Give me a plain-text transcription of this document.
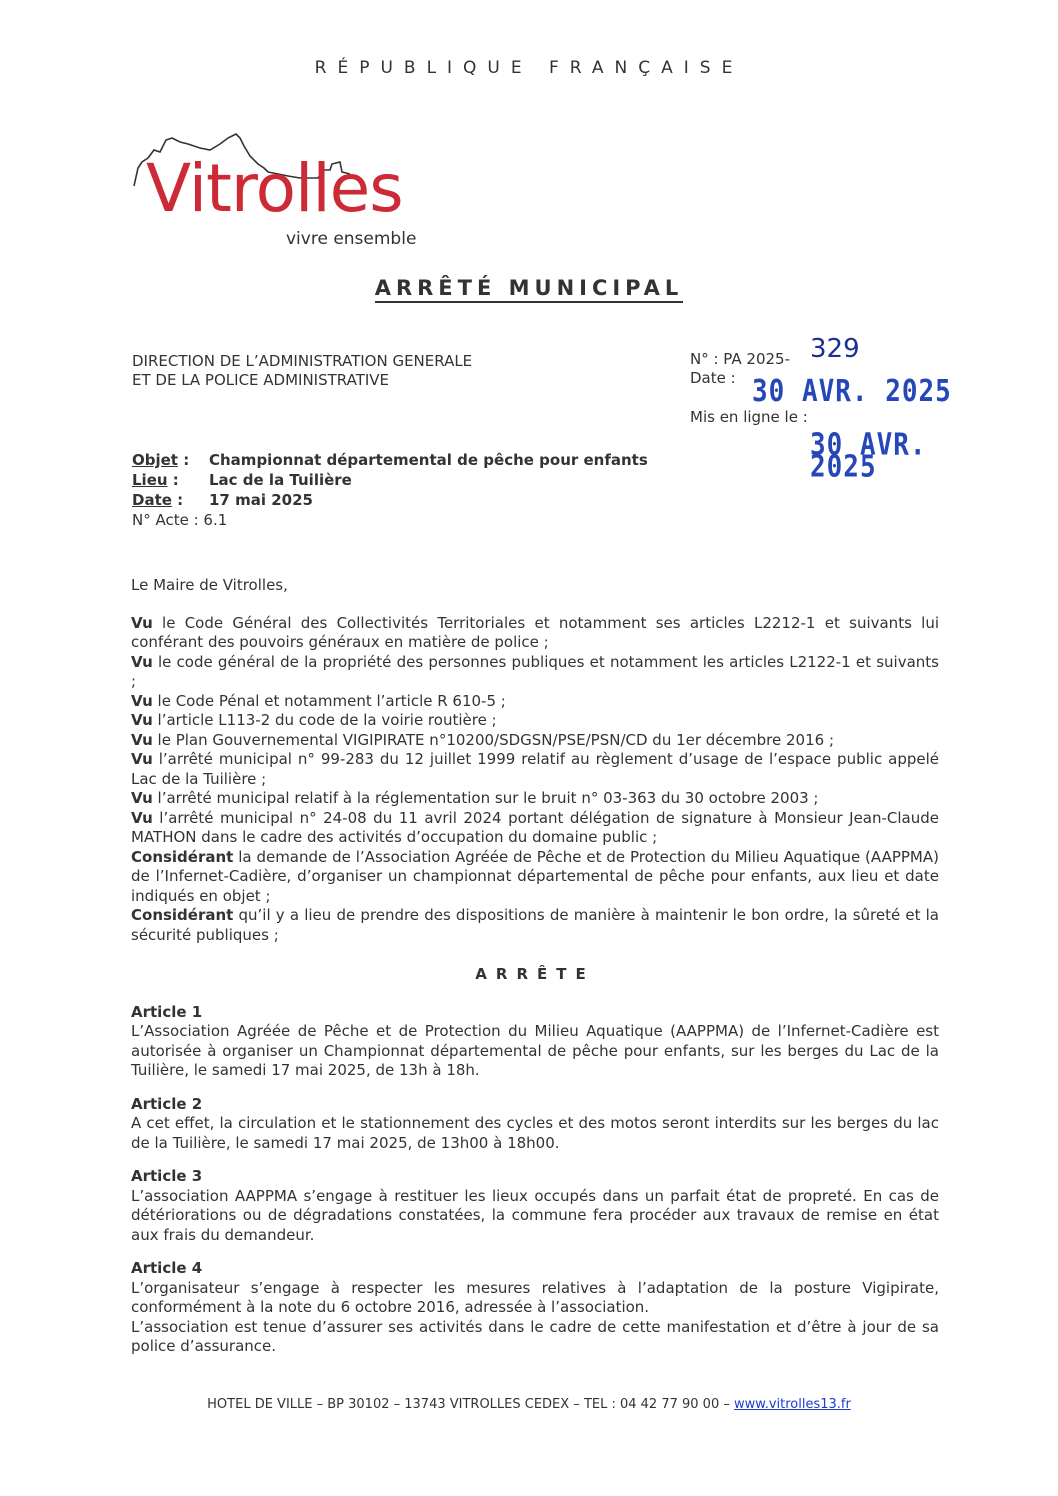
RÉPUBLIQUE FRANÇAISE
Vitrolles
vivre ensemble
ARRÊTÉ MUNICIPAL
DIRECTION DE L’ADMINISTRATION GENERALE
ET DE LA POLICE ADMINISTRATIVE
N° : PA 2025- 329
Date : 30 AVR. 2025
Mis en ligne le :
30 AVR. 2025
Objet : Championnat départemental de pêche pour enfants
Lieu : Lac de la Tuilière
Date : 17 mai 2025
N° Acte : 6.1

Le Maire de Vitrolles,

Vu le Code Général des Collectivités Territoriales et notamment ses articles L2212-1 et suivants lui conférant des pouvoirs généraux en matière de police ;

Vu le code général de la propriété des personnes publiques et notamment les articles L2122-1 et suivants ;

Vu le Code Pénal et notamment l’article R 610-5 ;

Vu l’article L113-2 du code de la voirie routière ;

Vu le Plan Gouvernemental VIGIPIRATE n°10200/SDGSN/PSE/PSN/CD du 1er décembre 2016 ;

Vu l’arrêté municipal n° 99-283 du 12 juillet 1999 relatif au règlement d’usage de l’espace public appelé Lac de la Tuilière ;

Vu l’arrêté municipal relatif à la réglementation sur le bruit n° 03-363 du 30 octobre 2003 ;

Vu l’arrêté municipal n° 24-08 du 11 avril 2024 portant délégation de signature à Monsieur Jean-Claude MATHON dans le cadre des activités d’occupation du domaine public ;

Considérant la demande de l’Association Agréée de Pêche et de Protection du Milieu Aquatique (AAPPMA) de l’Infernet-Cadière, d’organiser un championnat départemental de pêche pour enfants, aux lieu et date indiqués en objet ;

Considérant qu’il y a lieu de prendre des dispositions de manière à maintenir le bon ordre, la sûreté et la sécurité publiques ;

ARRÊTE

Article 1

L’Association Agréée de Pêche et de Protection du Milieu Aquatique (AAPPMA) de l’Infernet-Cadière est autorisée à organiser un Championnat départemental de pêche pour enfants, sur les berges du Lac de la Tuilière, le samedi 17 mai 2025, de 13h à 18h.

Article 2

A cet effet, la circulation et le stationnement des cycles et des motos seront interdits sur les berges du lac de la Tuilière, le samedi 17 mai 2025, de 13h00 à 18h00.

Article 3

L’association AAPPMA s’engage à restituer les lieux occupés dans un parfait état de propreté. En cas de détériorations ou de dégradations constatées, la commune fera procéder aux travaux de remise en état aux frais du demandeur.

Article 4

L’organisateur s’engage à respecter les mesures relatives à l’adaptation de la posture Vigipirate, conformément à la note du 6 octobre 2016, adressée à l’association.

L’association est tenue d’assurer ses activités dans le cadre de cette manifestation et d’être à jour de sa police d’assurance.

HOTEL DE VILLE – BP 30102 – 13743 VITROLLES CEDEX – TEL : 04 42 77 90 00 – www.vitrolles13.fr
